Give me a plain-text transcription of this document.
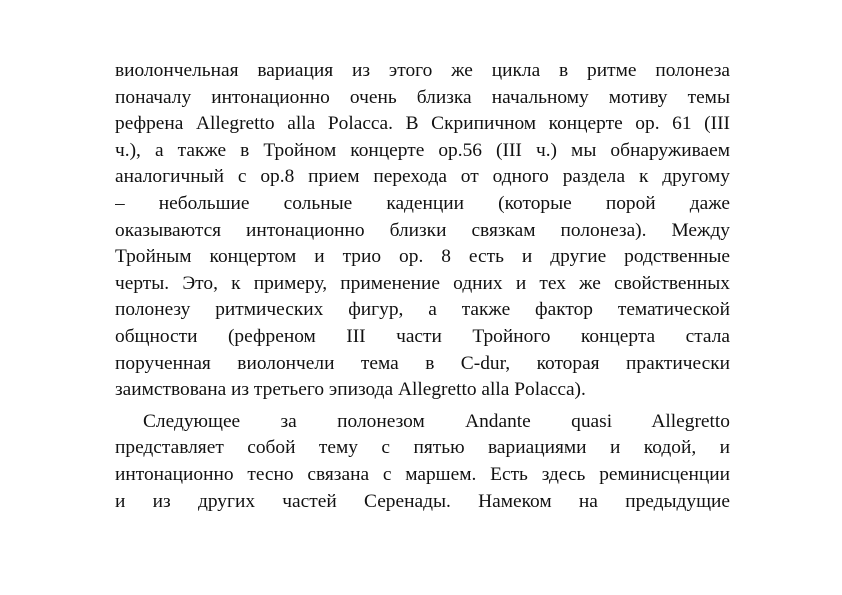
виолончельная вариация из этого же цикла в ритме полонеза
поначалу интонационно очень близка начальному мотиву темы
рефрена Allegretto alla Polacca. В Скрипичном концерте ор. 61 (III
ч.), а также в Тройном концерте ор.56 (III ч.) мы обнаруживаем
аналогичный с ор.8 прием перехода от одного раздела к другому
– небольшие сольные каденции (которые порой даже
оказываются интонационно близки связкам полонеза). Между
Тройным концертом и трио ор. 8 есть и другие родственные
черты. Это, к примеру, применение одних и тех же свойственных
полонезу ритмических фигур, а также фактор тематической
общности (рефреном III части Тройного концерта стала
порученная виолончели тема в C-dur, которая практически
заимствована из третьего эпизода Allegretto alla Polacca).
Следующее за полонезом Andante quasi Allegretto
представляет собой тему с пятью вариациями и кодой, и
интонационно тесно связана с маршем. Есть здесь реминисценции
и из других частей Серенады. Намеком на предыдущие
